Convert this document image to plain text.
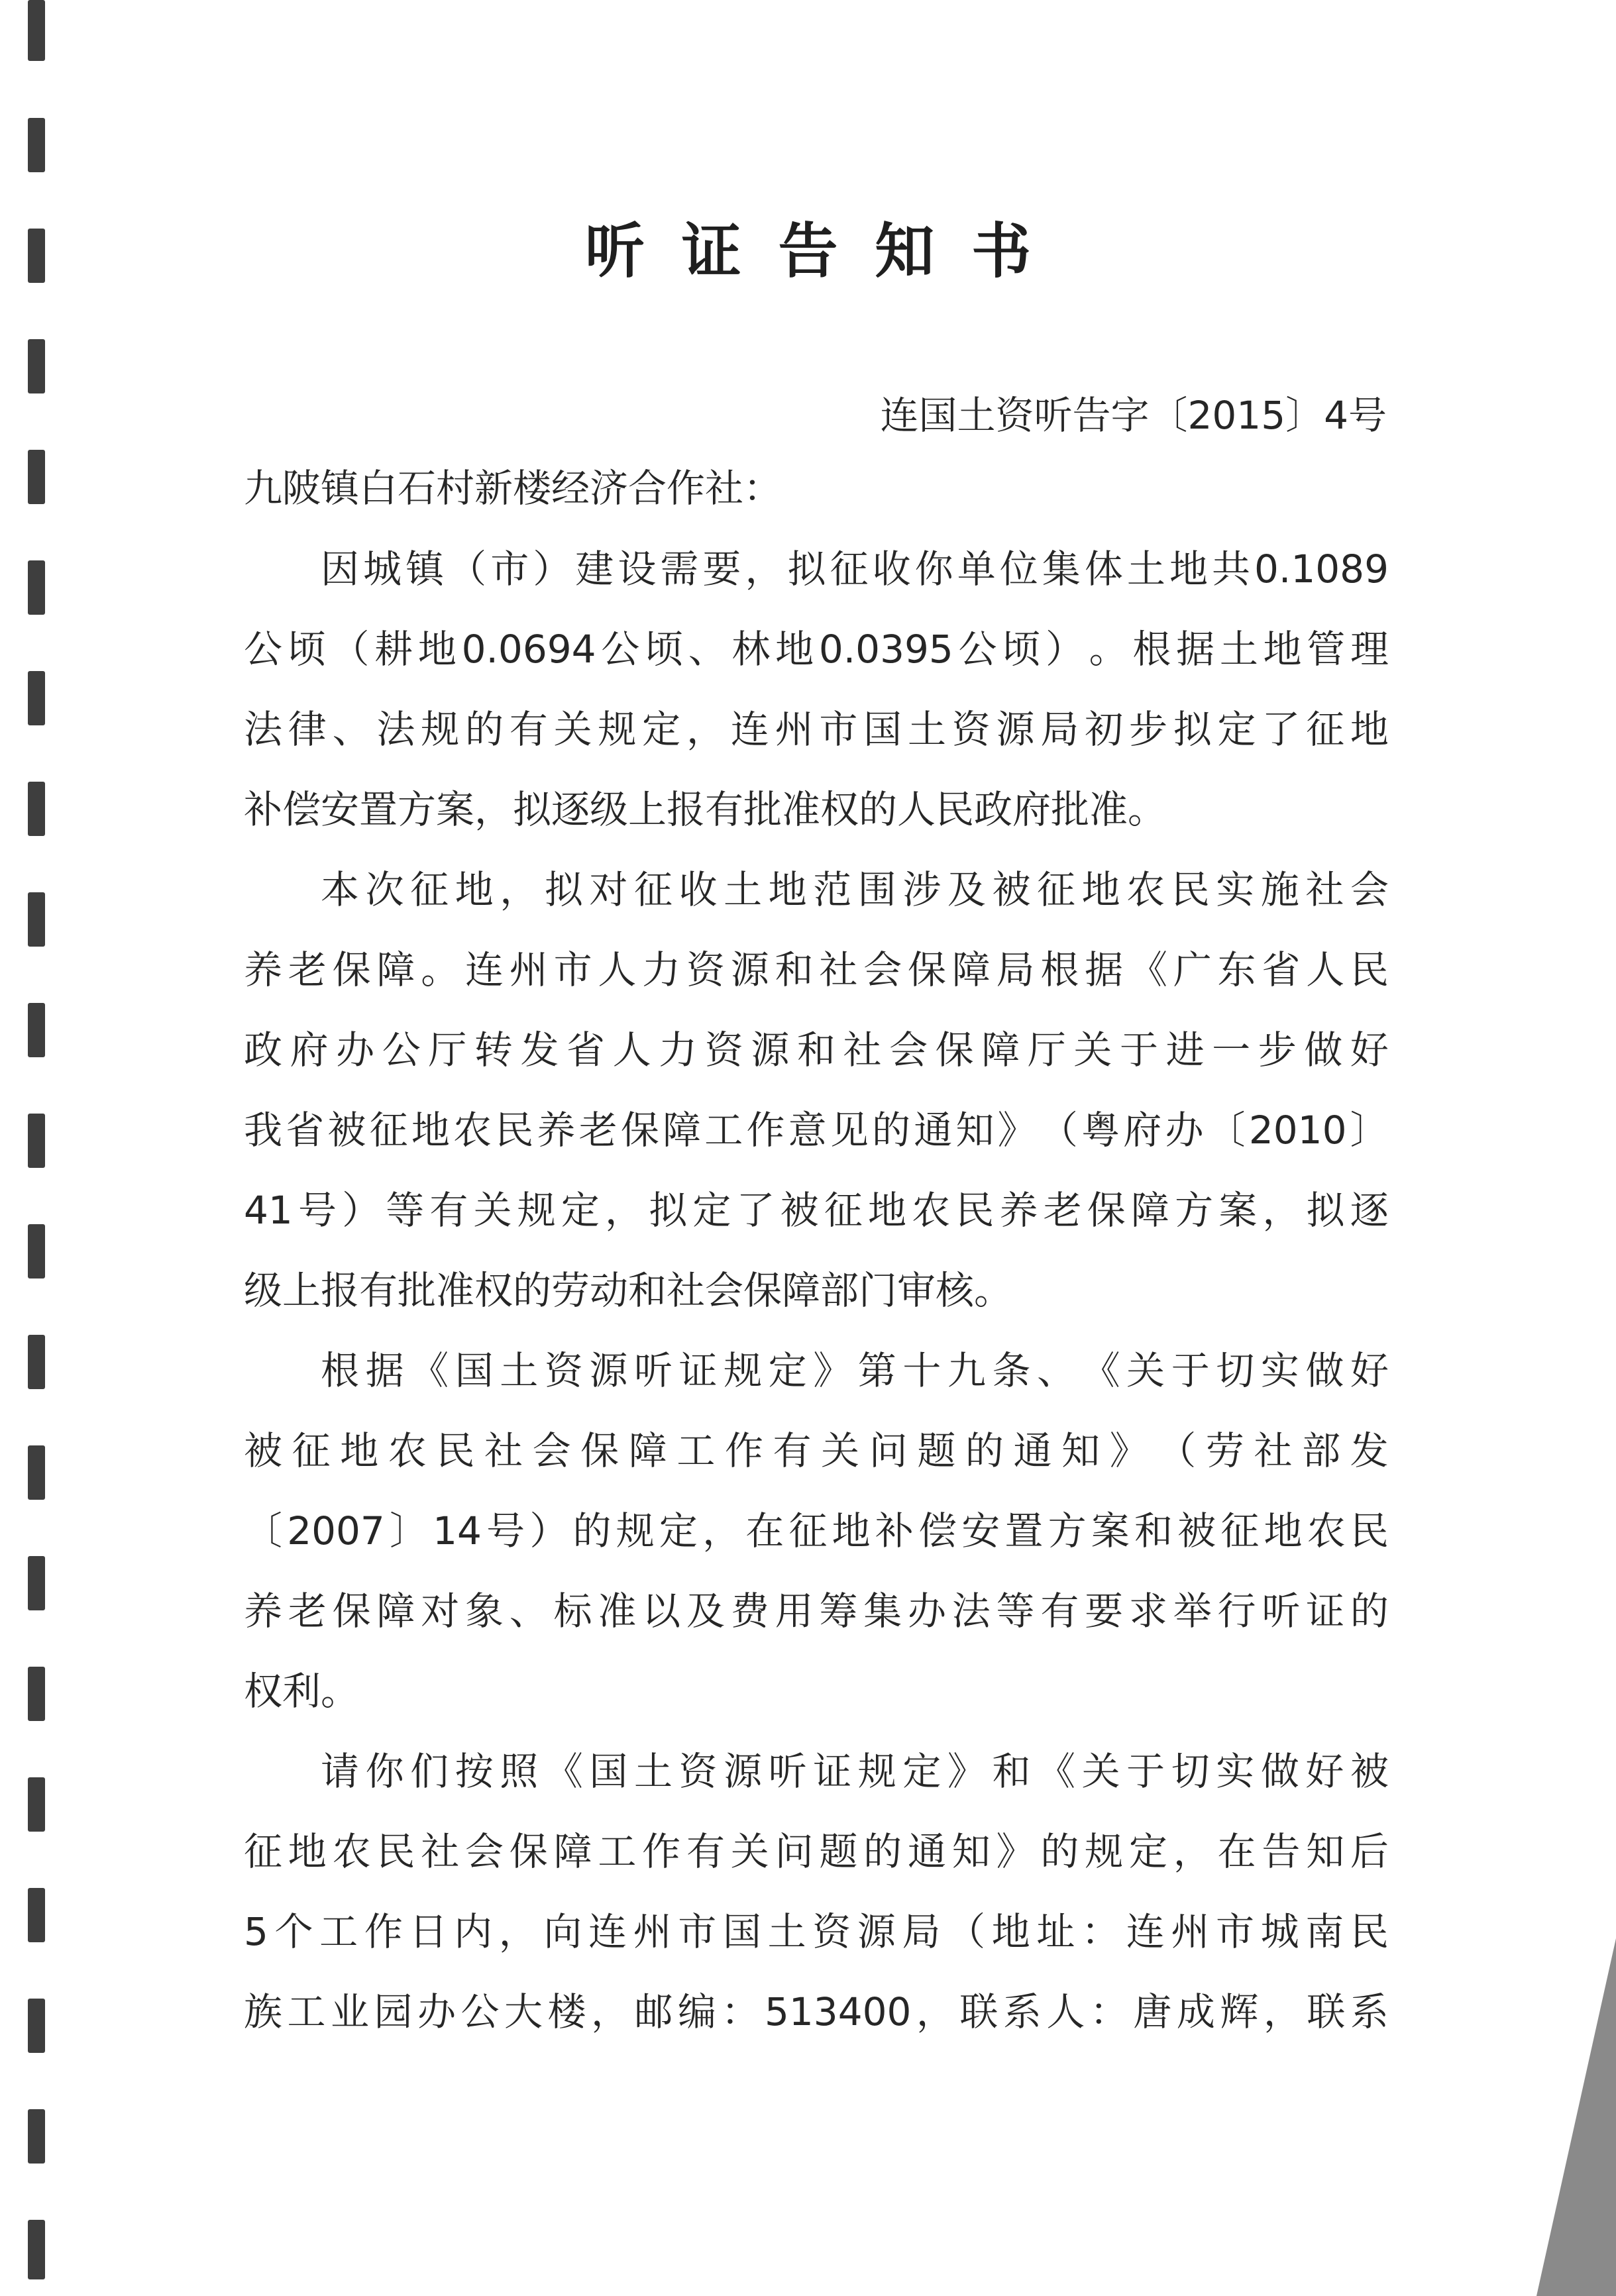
听证告知书
连国土资听告字〔2015〕4号
九陂镇白石村新楼经济合作社：
因 城 镇 （ 市 ） 建 设 需 要 ， 拟 征 收 你 单 位 集 体 土 地 共 0.1089
公 顷 （ 耕 地 0.0694 公 顷 、 林 地 0.0395 公 顷 ） 。 根 据 土 地 管 理
法 律 、 法 规 的 有 关 规 定 ， 连 州 市 国 土 资 源 局 初 步 拟 定 了 征 地
补偿安置方案，拟逐级上报有批准权的人民政府批准。
本 次 征 地 ， 拟 对 征 收 土 地 范 围 涉 及 被 征 地 农 民 实 施 社 会
养 老 保 障 。 连 州 市 人 力 资 源 和 社 会 保 障 局 根 据 《 广 东 省 人 民
政 府 办 公 厅 转 发 省 人 力 资 源 和 社 会 保 障 厅 关 于 进 一 步 做 好
我 省 被 征 地 农 民 养 老 保 障 工 作 意 见 的 通 知 》 （ 粤 府 办 〔 2010 〕
41 号 ） 等 有 关 规 定 ， 拟 定 了 被 征 地 农 民 养 老 保 障 方 案 ， 拟 逐
级上报有批准权的劳动和社会保障部门审核。
根 据 《 国 土 资 源 听 证 规 定 》 第 十 九 条 、 《 关 于 切 实 做 好
被 征 地 农 民 社 会 保 障 工 作 有 关 问 题 的 通 知 》 （ 劳 社 部 发
〔 2007 〕 14 号 ） 的 规 定 ， 在 征 地 补 偿 安 置 方 案 和 被 征 地 农 民
养 老 保 障 对 象 、 标 准 以 及 费 用 筹 集 办 法 等 有 要 求 举 行 听 证 的
权利。
请 你 们 按 照 《 国 土 资 源 听 证 规 定 》 和 《 关 于 切 实 做 好 被
征 地 农 民 社 会 保 障 工 作 有 关 问 题 的 通 知 》 的 规 定 ， 在 告 知 后
5 个 工 作 日 内 ， 向 连 州 市 国 土 资 源 局 （ 地 址 ： 连 州 市 城 南 民
族 工 业 园 办 公 大 楼 ， 邮 编 ： 513400 ， 联 系 人 ： 唐 成 辉 ， 联 系
